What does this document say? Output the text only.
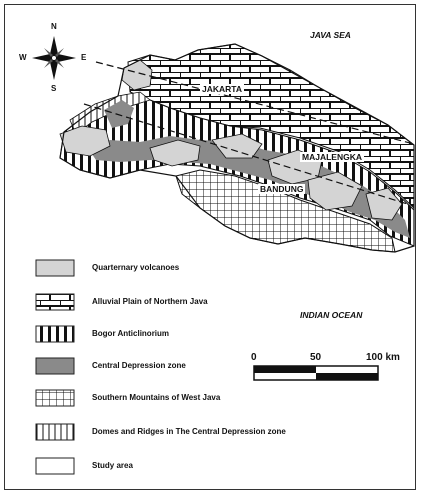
N
S
E
W
JAVA SEA
INDIAN OCEAN
JAKARTA
MAJALENGKA
BANDUNG
Quarternary volcanoes
Alluvial Plain of Northern Java
Bogor Anticlinorium
Central Depression zone
Southern Mountains of West Java
Domes and Ridges in The Central Depression zone
Study area
0	50	100 km
